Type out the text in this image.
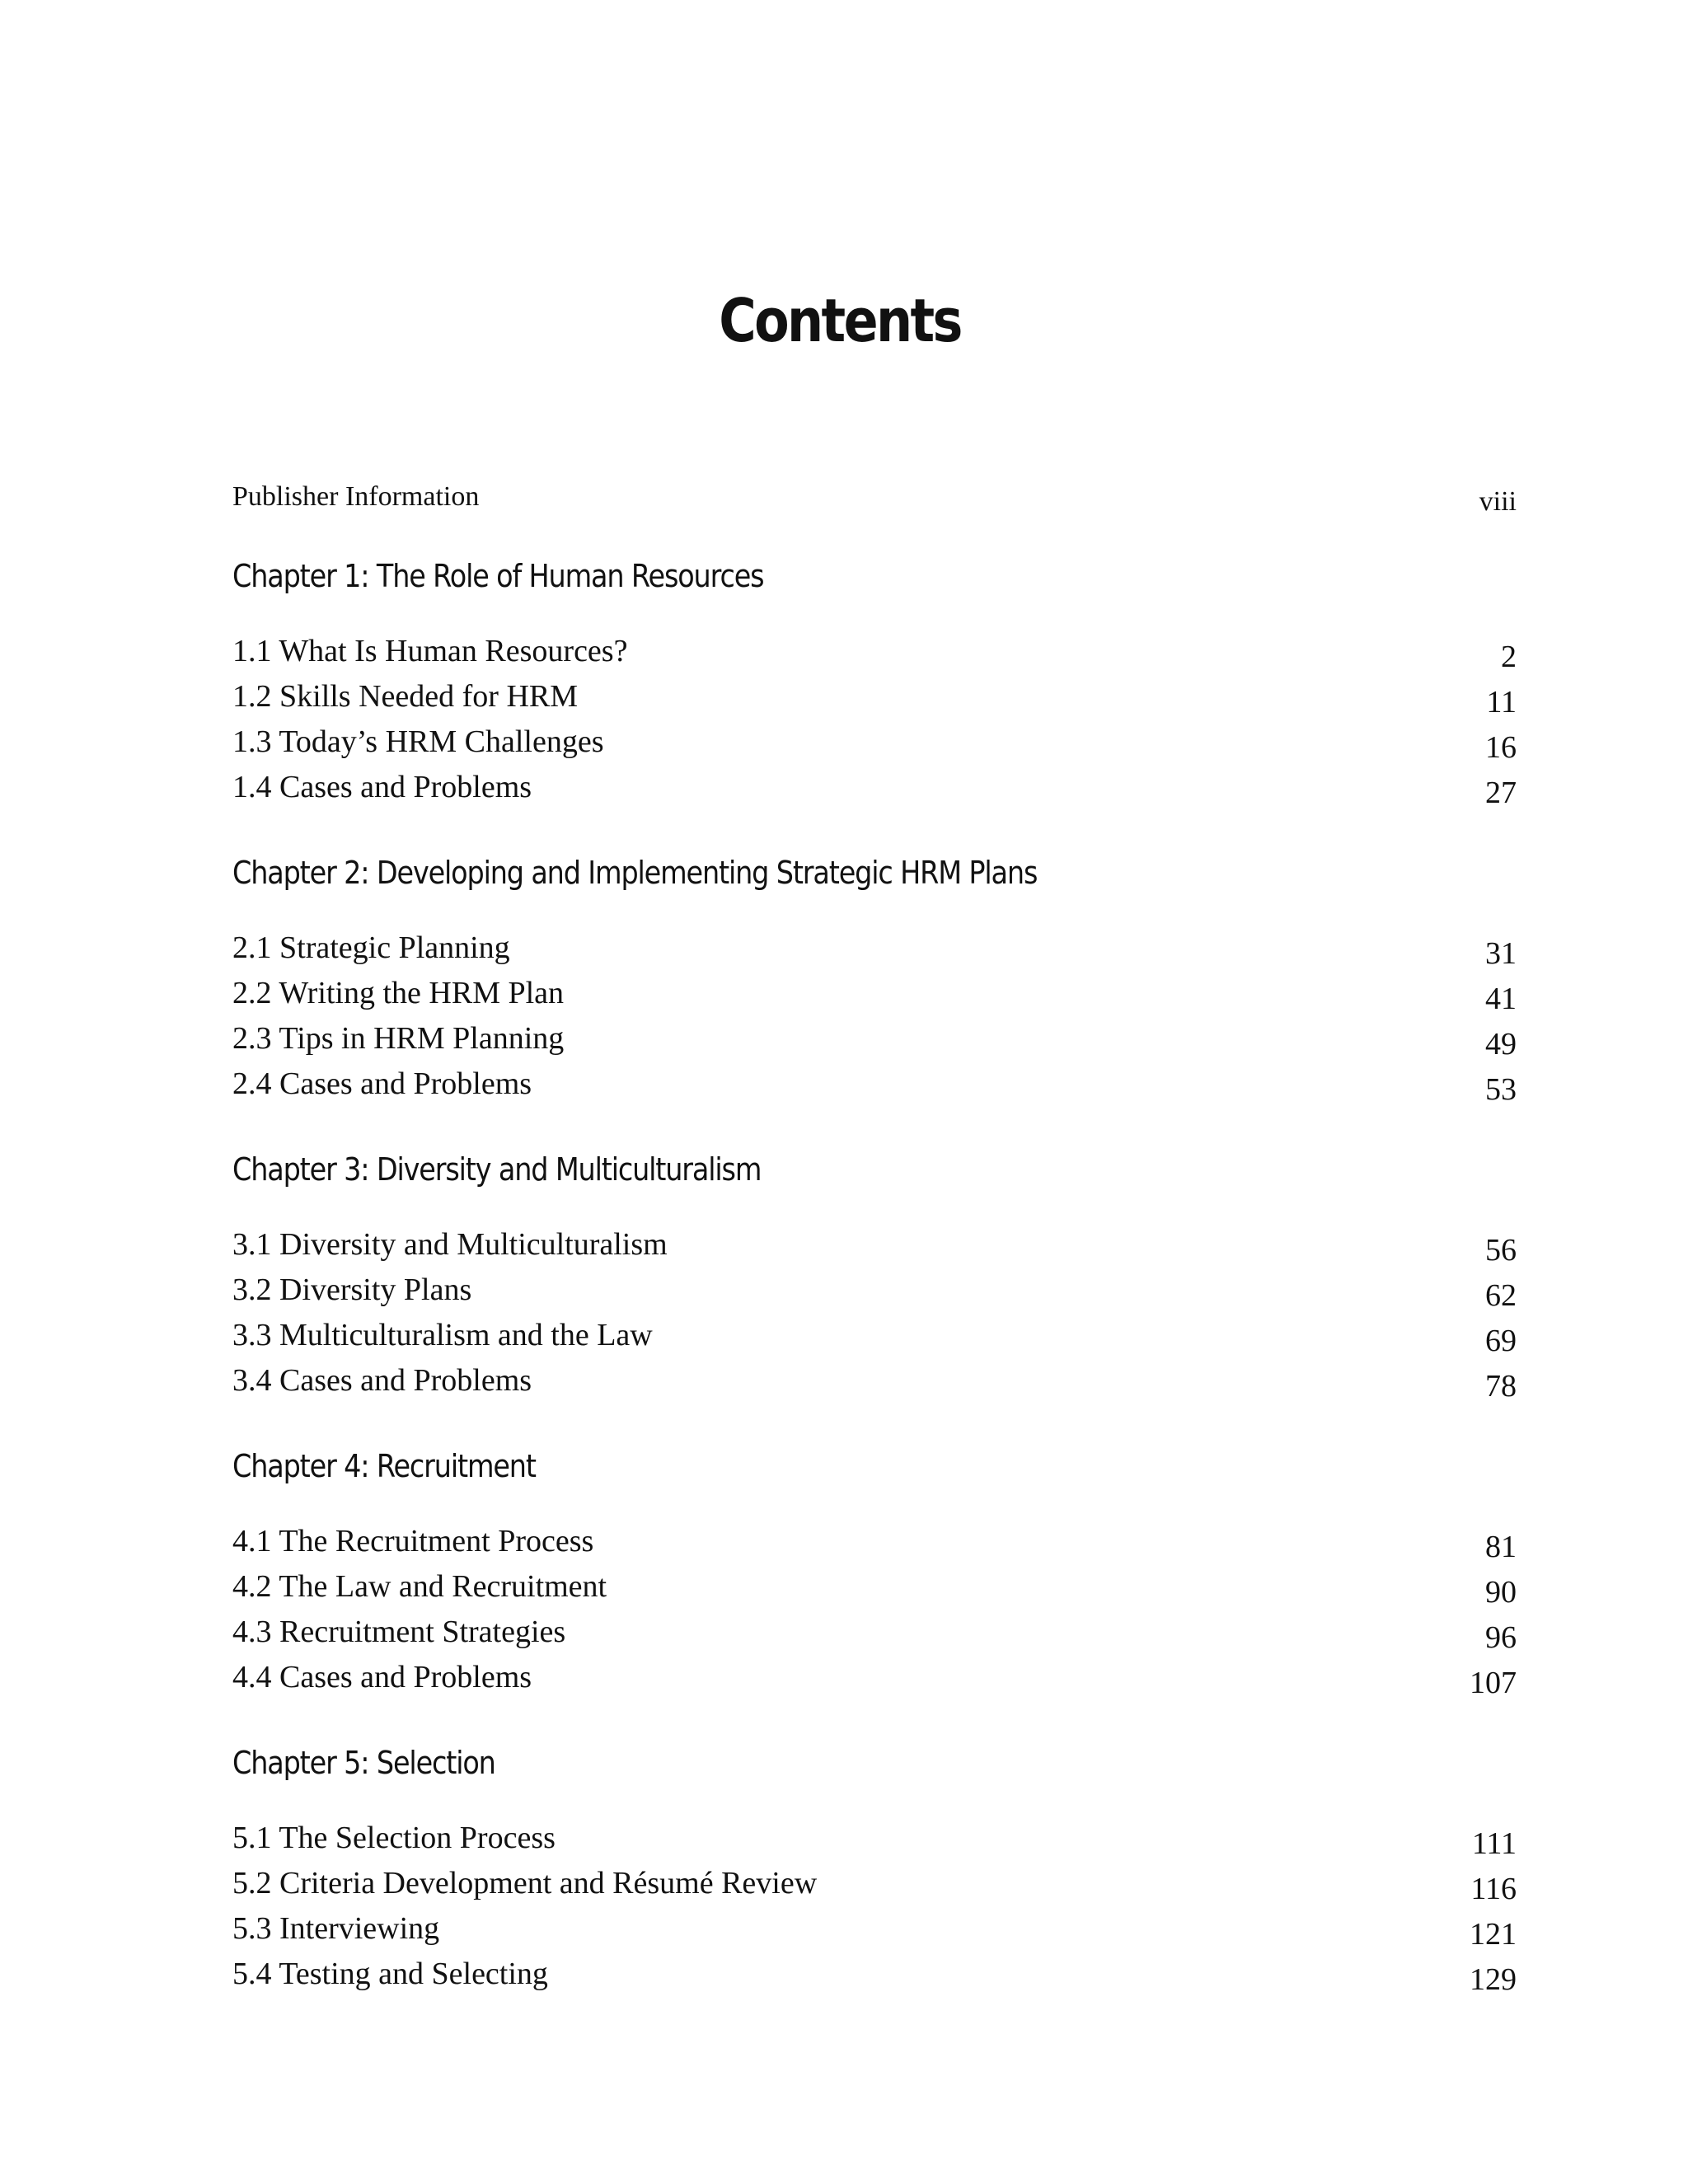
Contents
Publisher Information	viii
Chapter 1: The Role of Human Resources
1.1 What Is Human Resources?	2
1.2 Skills Needed for HRM	11
1.3 Today’s HRM Challenges	16
1.4 Cases and Problems	27
Chapter 2: Developing and Implementing Strategic HRM Plans
2.1 Strategic Planning	31
2.2 Writing the HRM Plan	41
2.3 Tips in HRM Planning	49
2.4 Cases and Problems	53
Chapter 3: Diversity and Multiculturalism
3.1 Diversity and Multiculturalism	56
3.2 Diversity Plans	62
3.3 Multiculturalism and the Law	69
3.4 Cases and Problems	78
Chapter 4: Recruitment
4.1 The Recruitment Process	81
4.2 The Law and Recruitment	90
4.3 Recruitment Strategies	96
4.4 Cases and Problems	107
Chapter 5: Selection
5.1 The Selection Process	111
5.2 Criteria Development and Résumé Review	116
5.3 Interviewing	121
5.4 Testing and Selecting	129
